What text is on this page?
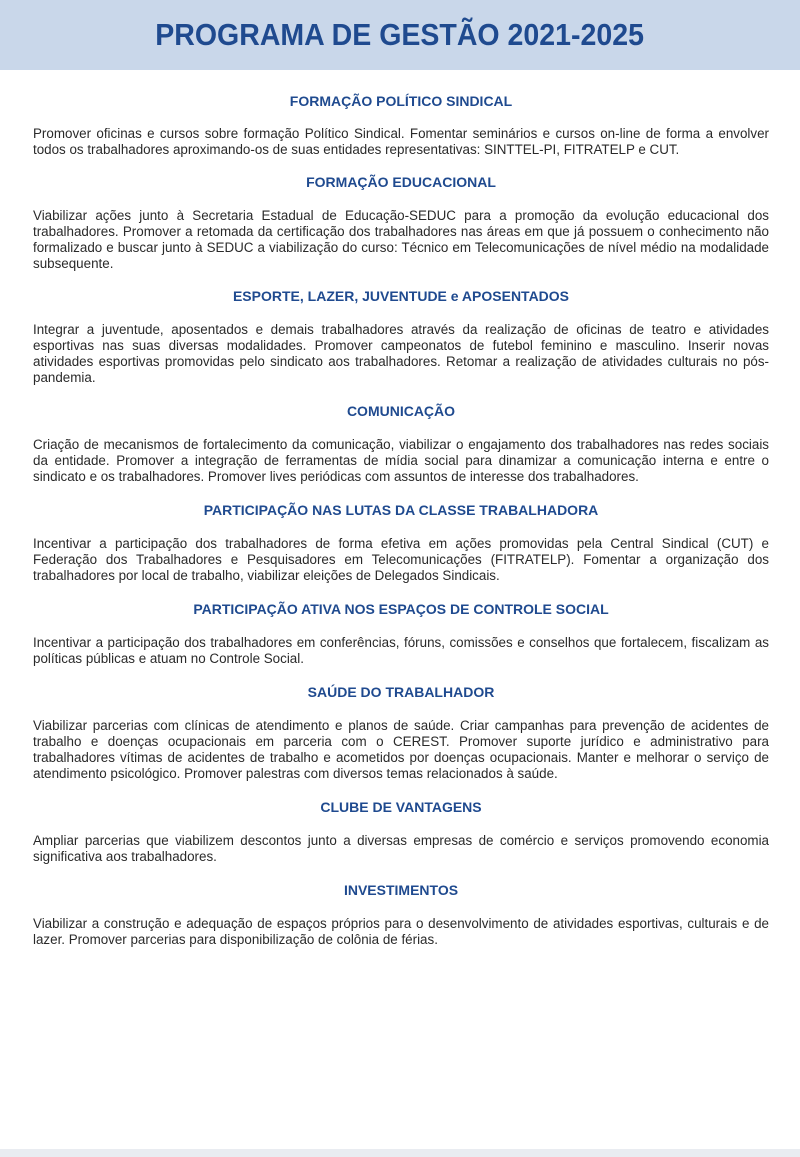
PROGRAMA DE GESTÃO 2021-2025
FORMAÇÃO POLÍTICO SINDICAL

Promover oficinas e cursos sobre formação Político Sindical. Fomentar seminários e cursos on-line de forma a envolver todos os trabalhadores aproximando-os de suas entidades representativas: SINTTEL-PI, FITRATELP e CUT.

FORMAÇÃO EDUCACIONAL

Viabilizar ações junto à Secretaria Estadual de Educação-SEDUC para a promoção da evolução educacional dos trabalhadores. Promover a retomada da certificação dos trabalhadores nas áreas em que já possuem o conhecimento não formalizado e buscar junto à SEDUC a viabilização do curso: Técnico em Telecomunicações de nível médio na modalidade subsequente.

ESPORTE, LAZER, JUVENTUDE e APOSENTADOS

Integrar a juventude, aposentados e demais trabalhadores através da realização de oficinas de teatro e atividades esportivas nas suas diversas modalidades. Promover campeonatos de futebol feminino e masculino. Inserir novas atividades esportivas promovidas pelo sindicato aos trabalhadores. Retomar a realização de atividades culturais no pós-pandemia.

COMUNICAÇÃO

Criação de mecanismos de fortalecimento da comunicação, viabilizar o engajamento dos trabalhadores nas redes sociais da entidade. Promover a integração de ferramentas de mídia social para dinamizar a comunicação interna e entre o sindicato e os trabalhadores. Promover lives periódicas com assuntos de interesse dos trabalhadores.

PARTICIPAÇÃO NAS LUTAS DA CLASSE TRABALHADORA

Incentivar a participação dos trabalhadores de forma efetiva em ações promovidas pela Central Sindical (CUT) e Federação dos Trabalhadores e Pesquisadores em Telecomunicações (FITRATELP). Fomentar a organização dos trabalhadores por local de trabalho, viabilizar eleições de Delegados Sindicais.

PARTICIPAÇÃO ATIVA NOS ESPAÇOS DE CONTROLE SOCIAL

Incentivar a participação dos trabalhadores em conferências, fóruns, comissões e conselhos que fortalecem, fiscalizam as políticas públicas e atuam no Controle Social.

SAÚDE DO TRABALHADOR

Viabilizar parcerias com clínicas de atendimento e planos de saúde. Criar campanhas para prevenção de acidentes de trabalho e doenças ocupacionais em parceria com o CEREST. Promover suporte jurídico e administrativo para trabalhadores vítimas de acidentes de trabalho e acometidos por doenças ocupacionais. Manter e melhorar o serviço de atendimento psicológico. Promover palestras com diversos temas relacionados à saúde.

CLUBE DE VANTAGENS

Ampliar parcerias que viabilizem descontos junto a diversas empresas de comércio e serviços promovendo economia significativa aos trabalhadores.

INVESTIMENTOS

Viabilizar a construção e adequação de espaços próprios para o desenvolvimento de atividades esportivas, culturais e de lazer. Promover parcerias para disponibilização de colônia de férias.
